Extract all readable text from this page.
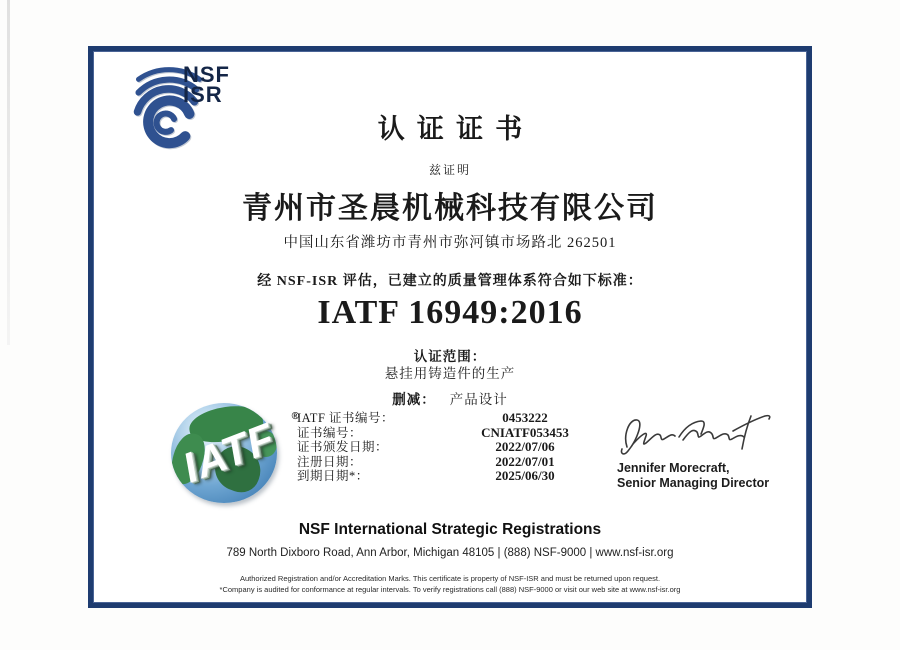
NSF
ISR
认证证书
兹证明
青州市圣晨机械科技有限公司
中国山东省潍坊市青州市弥河镇市场路北 262501
经 NSF-ISR 评估，已建立的质量管理体系符合如下标准：
IATF 16949:2016
认证范围：
悬挂用铸造件的生产
删减： 产品设计
IATF	®
IATF 证书编号：	0453222
证书编号：	CNIATF053453
证书颁发日期：	2022/07/06
注册日期：	2022/07/01
到期日期*：	2025/06/30	Jennifer Morecraft,
Senior Managing Director
NSF International Strategic Registrations
789 North Dixboro Road, Ann Arbor, Michigan 48105 | (888) NSF-9000 | www.nsf-isr.org
Authorized Registration and/or Accreditation Marks. This certificate is property of NSF-ISR and must be returned upon request.
*Company is audited for conformance at regular intervals. To verify registrations call (888) NSF-9000 or visit our web site at www.nsf-isr.org
